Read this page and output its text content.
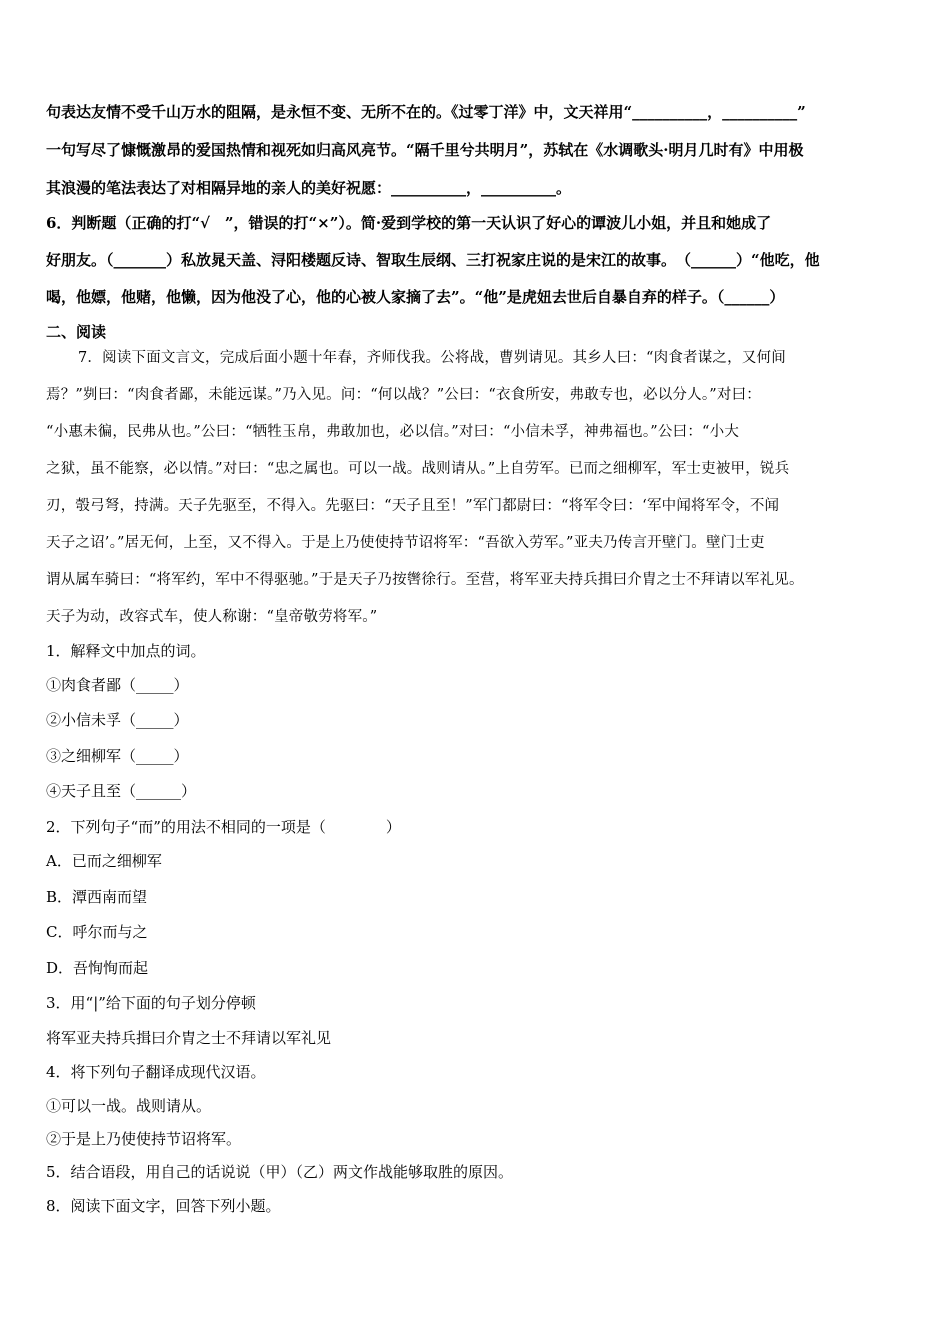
句表达友情不受千山万水的阻隔，是永恒不变、无所不在的。《过零丁洋》中，文天祥用“__________，__________”
一句写尽了慷慨激昂的爱国热情和视死如归高风亮节。“隔千里兮共明月”，苏轼在《水调歌头·明月几时有》中用极
其浪漫的笔法表达了对相隔异地的亲人的美好祝愿：__________，__________。
6．判断题（正确的打“√　”，错误的打“×”）。简·爱到学校的第一天认识了好心的谭波儿小姐，并且和她成了
好朋友。（_______）私放晁天盖、浔阳楼题反诗、智取生辰纲、三打祝家庄说的是宋江的故事。　（______）“他吃，他
喝，他嫖，他赌，他懒，因为他没了心，他的心被人家摘了去”。“他”是虎妞去世后自暴自弃的样子。（______）
二、阅读
7．阅读下面文言文，完成后面小题十年春，齐师伐我。公将战，曹刿请见。其乡人曰：“肉食者谋之，又何间
焉？”刿曰：“肉食者鄙，未能远谋。”乃入见。问：“何以战？”公曰：“衣食所安，弗敢专也，必以分人。”对曰：
“小惠未徧，民弗从也。”公曰：“牺牲玉帛，弗敢加也，必以信。”对曰：“小信未孚，神弗福也。”公曰：“小大
之狱，虽不能察，必以情。”对曰：“忠之属也。可以一战。战则请从。”上自劳军。已而之细柳军，军士吏被甲，锐兵
刃，彀弓弩，持满。天子先驱至，不得入。先驱曰：“天子且至！”军门都尉曰：“将军令曰：‘军中闻将军令，不闻
天子之诏’。”居无何，上至，又不得入。于是上乃使使持节诏将军：“吾欲入劳军。”亚夫乃传言开壁门。壁门士吏
谓从属车骑曰：“将军约，军中不得驱驰。”于是天子乃按辔徐行。至营，将军亚夫持兵揖曰介胄之士不拜请以军礼见。
天子为动，改容式车，使人称谢：“皇帝敬劳将军。”
1．解释文中加点的词。
①肉食者鄙（_____）
②小信未孚（_____）
③之细柳军（_____）
④天子且至（______）
2．下列句子“而”的用法不相同的一项是（　　　　）
A．已而之细柳军
B．潭西南而望
C．呼尔而与之
D．吾恂恂而起
3．用“|”给下面的句子划分停顿
将军亚夫持兵揖曰介胄之士不拜请以军礼见
4．将下列句子翻译成现代汉语。
①可以一战。战则请从。
②于是上乃使使持节诏将军。
5．结合语段，用自己的话说说（甲）（乙）两文作战能够取胜的原因。
8．阅读下面文字，回答下列小题。
